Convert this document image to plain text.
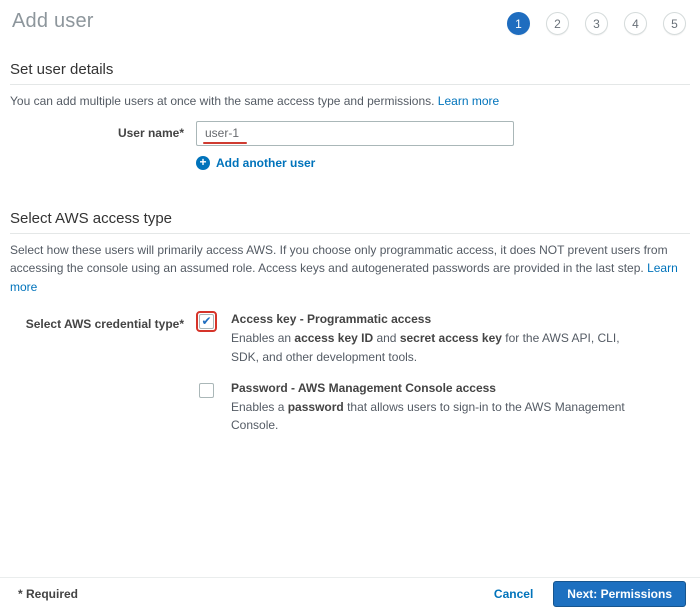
Add user	1	2	3	4	5
Set user details
You can add multiple users at once with the same access type and permissions. Learn more
User name*
user-1
+ Add another user
Select AWS access type
Select how these users will primarily access AWS. If you choose only programmatic access, it does NOT prevent users from accessing the console using an assumed role. Access keys and autogenerated passwords are provided in the last step. Learn more
Select AWS credential type*	✔ Access key - Programmatic access
Enables an access key ID and secret access key for the AWS API, CLI, SDK, and other development tools.
Password - AWS Management Console access
Enables a password that allows users to sign-in to the AWS Management Console.
* Required	Cancel	Next: Permissions
